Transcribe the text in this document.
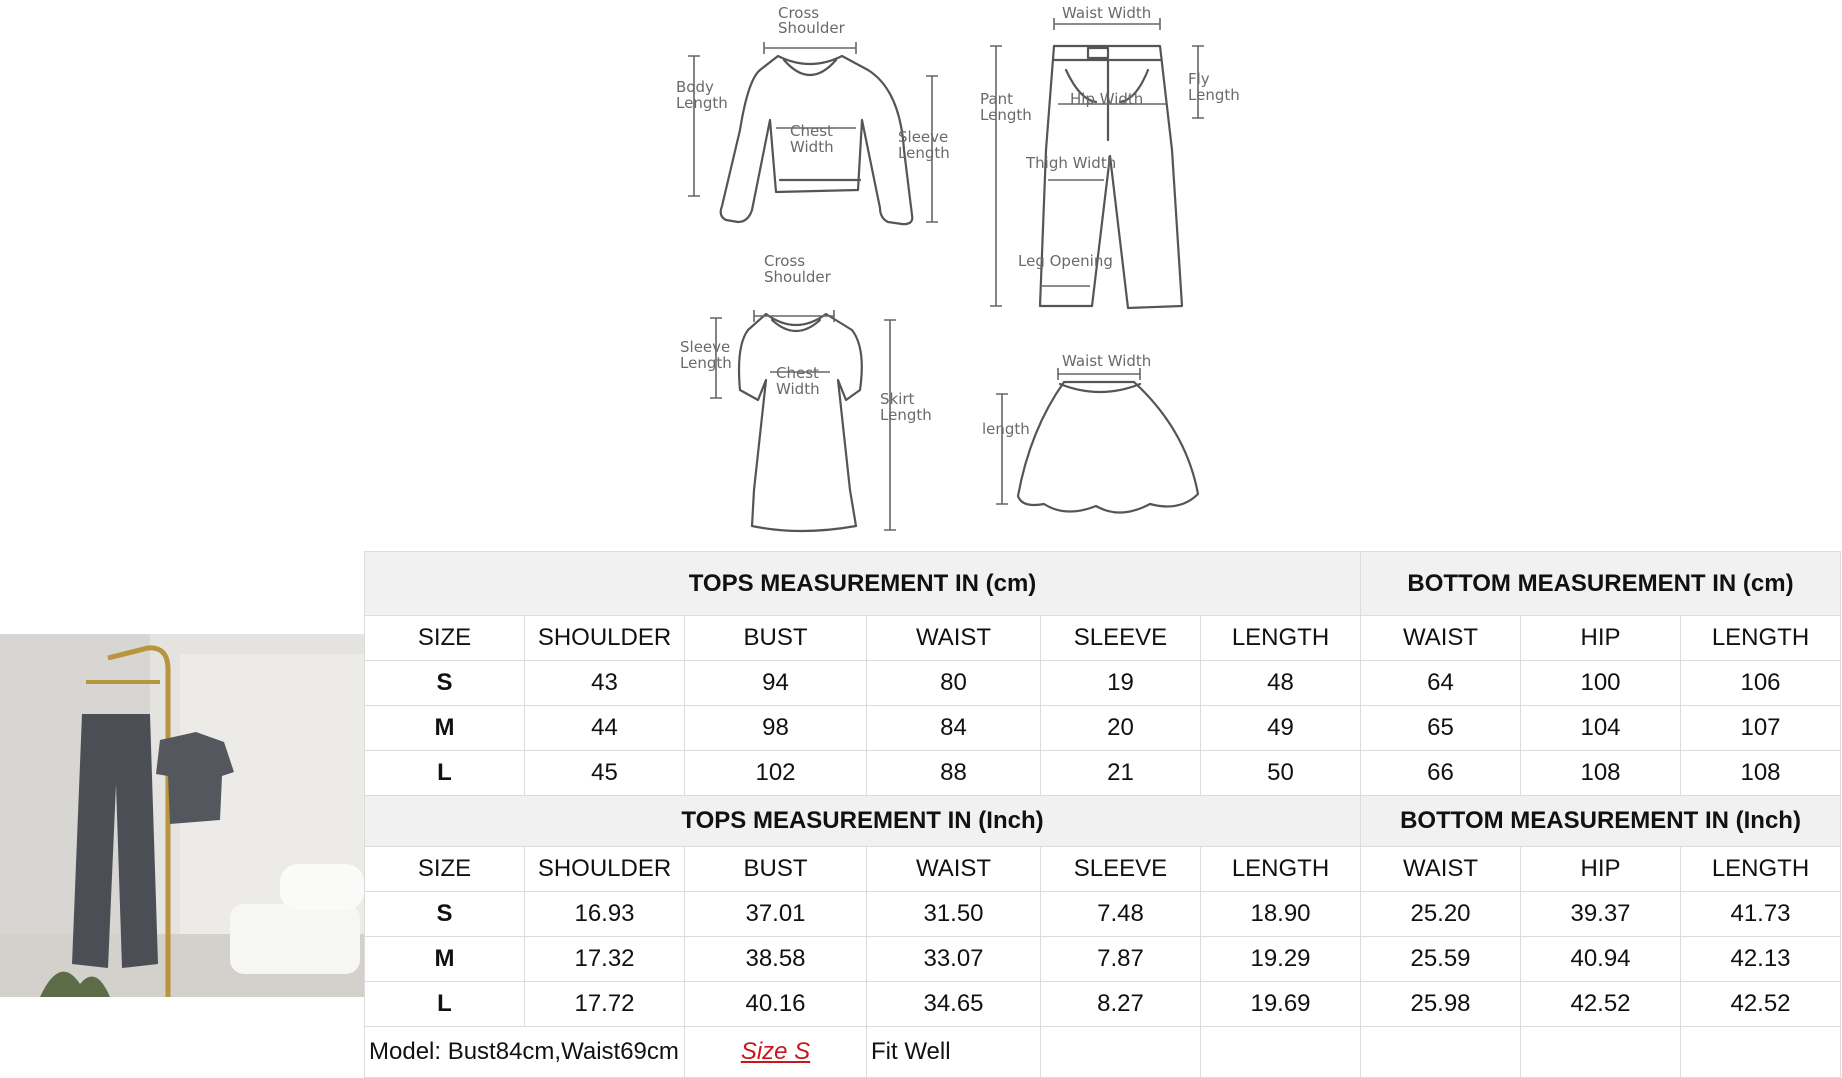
Cross Shoulder
Body Length
Chest Width
Sleeve Length
Waist Width
Pant Length
Fly Length
Hip Width
Thigh Width
Leg Opening
Cross Shoulder
Sleeve Length
Chest Width
Skirt Length
Waist Width
length
TOPS MEASUREMENT IN (cm)						BOTTOM MEASUREMENT IN (cm)		
SIZE	SHOULDER	BUST	WAIST	SLEEVE	LENGTH	WAIST	HIP	LENGTH
S	43	94	80	19	48	64	100	106
M	44	98	84	20	49	65	104	107
L	45	102	88	21	50	66	108	108
TOPS MEASUREMENT IN (Inch)						BOTTOM MEASUREMENT IN (Inch)		
SIZE	SHOULDER	BUST	WAIST	SLEEVE	LENGTH	WAIST	HIP	LENGTH
S	16.93	37.01	31.50	7.48	18.90	25.20	39.37	41.73
M	17.32	38.58	33.07	7.87	19.29	25.59	40.94	42.13
L	17.72	40.16	34.65	8.27	19.69	25.98	42.52	42.52
Model: Bust84cm,Waist69cm		Size S	Fit Well					
